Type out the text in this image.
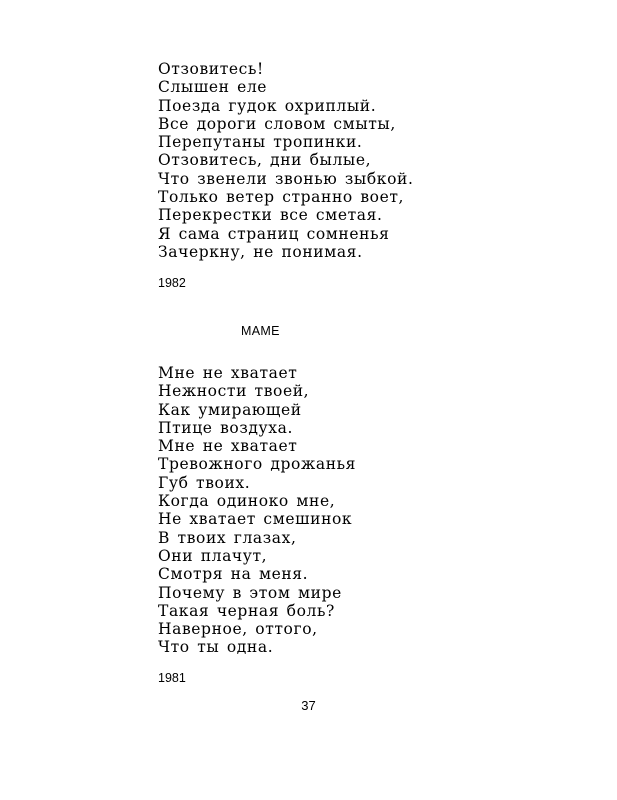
Отзовитесь!
Слышен еле
Поезда гудок охриплый.
Все дороги словом смыты,
Перепутаны тропинки.
Отзовитесь, дни былые,
Что звенели звонью зыбкой.
Только ветер странно воет,
Перекрестки все сметая.
Я сама страниц сомненья
Зачеркну, не понимая.

1982

МАМЕ

Мне не хватает
Нежности твоей,
Как умирающей
Птице воздуха.
Мне не хватает
Тревожного дрожанья
Губ твоих.
Когда одиноко мне,
Не хватает смешинок
В твоих глазах,
Они плачут,
Смотря на меня.
Почему в этом мире
Такая черная боль?
Наверное, оттого,
Что ты одна.

1981

37
